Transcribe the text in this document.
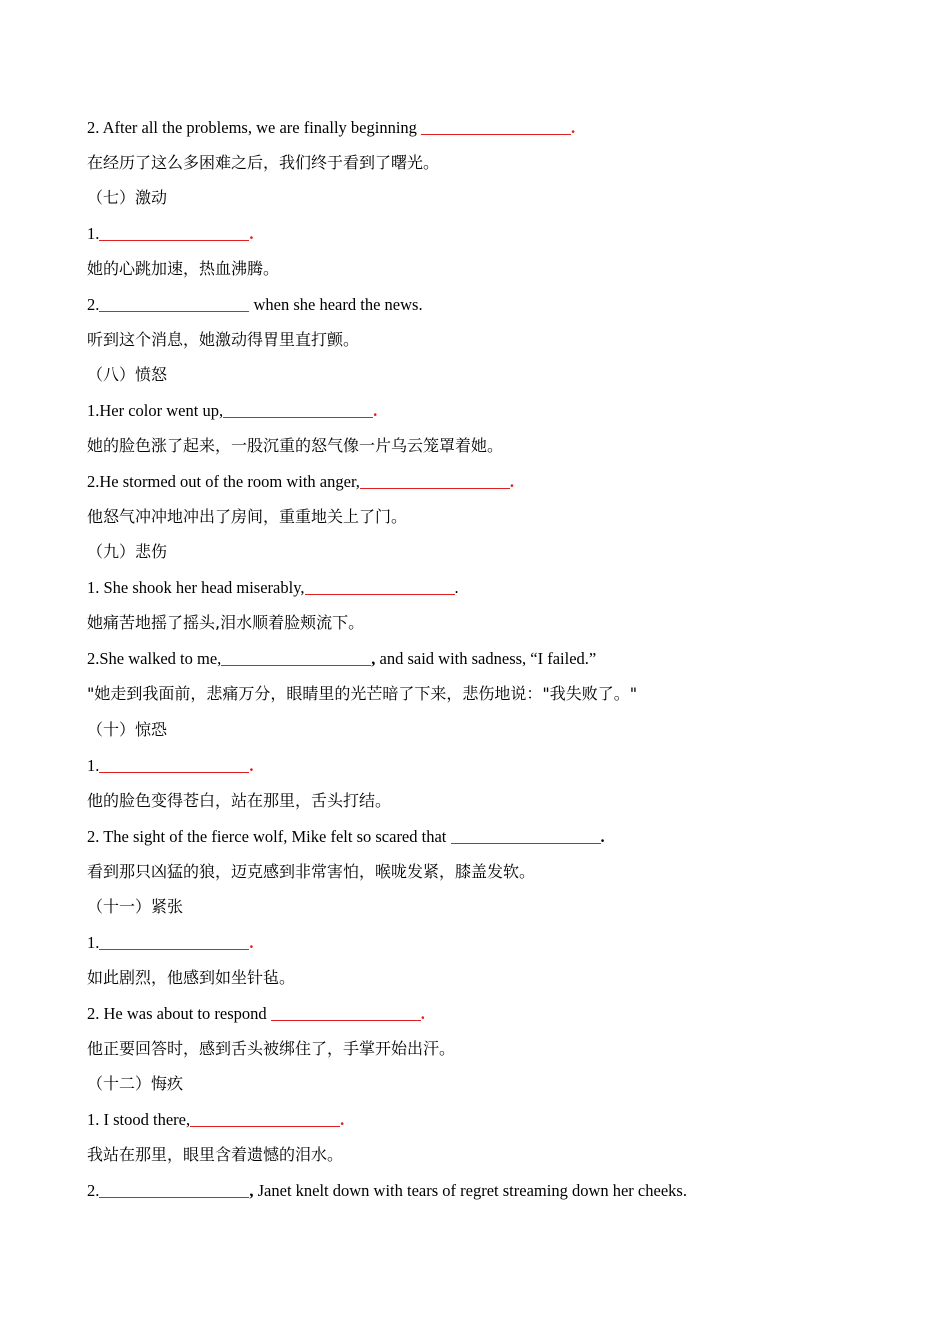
2. After all the problems, we are finally beginning	.
在经历了这么多困难之后，我们终于看到了曙光。
（七）激动
1.	.
她的心跳加速，热血沸腾。
2.	when she heard the news.
听到这个消息，她激动得胃里直打颤。
（八）愤怒
1.Her color went up,	.
她的脸色涨了起来，一股沉重的怒气像一片乌云笼罩着她。
2.He stormed out of the room with anger,	.
他怒气冲冲地冲出了房间，重重地关上了门。
（九）悲伤
1. She shook her head miserably,	.
她痛苦地摇了摇头,泪水顺着脸颊流下。
2.She walked to me,	, and said with sadness, “I failed.”
"她走到我面前，悲痛万分，眼睛里的光芒暗了下来，悲伤地说："我失败了。"
（十）惊恐
1.	.
他的脸色变得苍白，站在那里，舌头打结。
2. The sight of the fierce wolf, Mike felt so scared that	.
看到那只凶猛的狼，迈克感到非常害怕，喉咙发紧，膝盖发软。
（十一）紧张
1.	.
如此剧烈，他感到如坐针毡。
2. He was about to respond	.
他正要回答时，感到舌头被绑住了，手掌开始出汗。
（十二）悔疚
1. I stood there,	.
我站在那里，眼里含着遗憾的泪水。
2.	, Janet knelt down with tears of regret streaming down her cheeks.
